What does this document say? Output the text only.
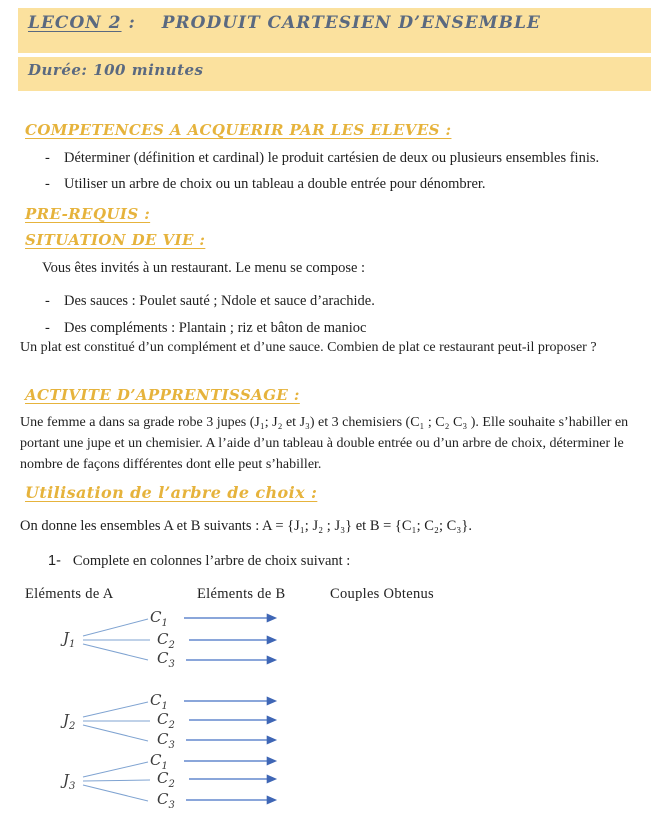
LECON 2 : PRODUIT CARTESIEN D’ENSEMBLE
Durée: 100 minutes
COMPETENCES A ACQUERIR PAR LES ELEVES :
-Déterminer (définition et cardinal) le produit cartésien de deux ou plusieurs ensembles finis.
-Utiliser un arbre de choix ou un tableau a double entrée pour dénombrer.
PRE-REQUIS :
SITUATION DE VIE :
Vous êtes invités à un restaurant. Le menu se compose :
-Des sauces : Poulet sauté ; Ndole et sauce d’arachide.
-Des compléments : Plantain ; riz et bâton de manioc
Un plat est constitué d’un complément et d’une sauce. Combien de plat ce restaurant peut-il proposer ?
ACTIVITE D’APPRENTISSAGE :
Une femme a dans sa grade robe 3 jupes (J₁; J₂ et J₃) et 3 chemisiers (C₁ ; C₂ C₃ ). Elle souhaite s’habiller en portant une jupe et un chemisier. A l’aide d’un tableau à double entrée ou d’un arbre de choix, déterminer le nombre de façons différentes dont elle peut s’habiller.
Utilisation de l’arbre de choix :
On donne les ensembles A et B suivants : A = {J₁; J₂ ; J₃} et B = {C₁; C₂; C₃}.
1- Complete en colonnes l’arbre de choix suivant :
Eléments de A	Eléments de B	Couples Obtenus
$J_1$
$J_2$
$J_3$
$C_1$
$C_2$
$C_3$
$C_1$
$C_2$
$C_3$
$C_1$
$C_2$
$C_3$
